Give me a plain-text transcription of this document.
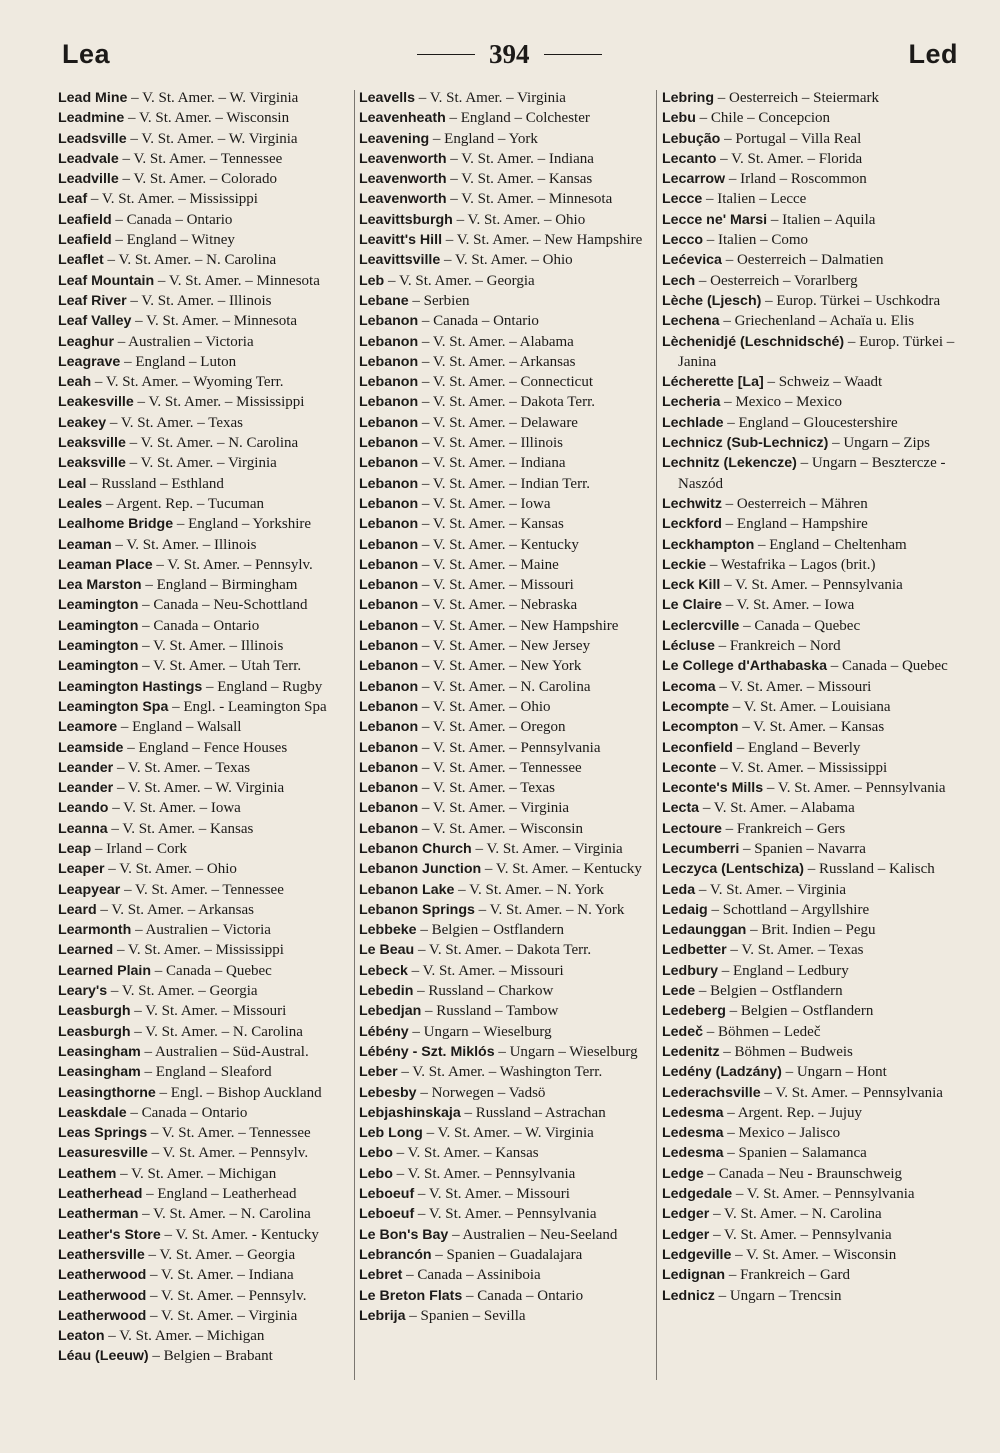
Lea	394	Led
Lead Mine – V. St. Amer. – W. Virginia
Leadmine – V. St. Amer. – Wisconsin
Leadsville – V. St. Amer. – W. Virginia
Leadvale – V. St. Amer. – Tennessee
Leadville – V. St. Amer. – Colorado
Leaf – V. St. Amer. – Mississippi
Leafield – Canada – Ontario
Leafield – England – Witney
Leaflet – V. St. Amer. – N. Carolina
Leaf Mountain – V. St. Amer. – Minnesota
Leaf River – V. St. Amer. – Illinois
Leaf Valley – V. St. Amer. – Minnesota
Leaghur – Australien – Victoria
Leagrave – England – Luton
Leah – V. St. Amer. – Wyoming Terr.
Leakesville – V. St. Amer. – Mississippi
Leakey – V. St. Amer. – Texas
Leaksville – V. St. Amer. – N. Carolina
Leaksville – V. St. Amer. – Virginia
Leal – Russland – Esthland
Leales – Argent. Rep. – Tucuman
Lealhome Bridge – England – Yorkshire
Leaman – V. St. Amer. – Illinois
Leaman Place – V. St. Amer. – Pennsylv.
Lea Marston – England – Birmingham
Leamington – Canada – Neu-Schottland
Leamington – Canada – Ontario
Leamington – V. St. Amer. – Illinois
Leamington – V. St. Amer. – Utah Terr.
Leamington Hastings – England – Rugby
Leamington Spa – Engl. - Leamington Spa
Leamore – England – Walsall
Leamside – England – Fence Houses
Leander – V. St. Amer. – Texas
Leander – V. St. Amer. – W. Virginia
Leando – V. St. Amer. – Iowa
Leanna – V. St. Amer. – Kansas
Leap – Irland – Cork
Leaper – V. St. Amer. – Ohio
Leapyear – V. St. Amer. – Tennessee
Leard – V. St. Amer. – Arkansas
Learmonth – Australien – Victoria
Learned – V. St. Amer. – Mississippi
Learned Plain – Canada – Quebec
Leary's – V. St. Amer. – Georgia
Leasburgh – V. St. Amer. – Missouri
Leasburgh – V. St. Amer. – N. Carolina
Leasingham – Australien – Süd-Austral.
Leasingham – England – Sleaford
Leasingthorne – Engl. – Bishop Auckland
Leaskdale – Canada – Ontario
Leas Springs – V. St. Amer. – Tennessee
Leasuresville – V. St. Amer. – Pennsylv.
Leathem – V. St. Amer. – Michigan
Leatherhead – England – Leatherhead
Leatherman – V. St. Amer. – N. Carolina
Leather's Store – V. St. Amer. - Kentucky
Leathersville – V. St. Amer. – Georgia
Leatherwood – V. St. Amer. – Indiana
Leatherwood – V. St. Amer. – Pennsylv.
Leatherwood – V. St. Amer. – Virginia
Leaton – V. St. Amer. – Michigan
Léau (Leeuw) – Belgien – Brabant
Leavells – V. St. Amer. – Virginia
Leavenheath – England – Colchester
Leavening – England – York
Leavenworth – V. St. Amer. – Indiana
Leavenworth – V. St. Amer. – Kansas
Leavenworth – V. St. Amer. – Minnesota
Leavittsburgh – V. St. Amer. – Ohio
Leavitt's Hill – V. St. Amer. – New Hampshire
Leavittsville – V. St. Amer. – Ohio
Leb – V. St. Amer. – Georgia
Lebane – Serbien
Lebanon – Canada – Ontario
Lebanon – V. St. Amer. – Alabama
Lebanon – V. St. Amer. – Arkansas
Lebanon – V. St. Amer. – Connecticut
Lebanon – V. St. Amer. – Dakota Terr.
Lebanon – V. St. Amer. – Delaware
Lebanon – V. St. Amer. – Illinois
Lebanon – V. St. Amer. – Indiana
Lebanon – V. St. Amer. – Indian Terr.
Lebanon – V. St. Amer. – Iowa
Lebanon – V. St. Amer. – Kansas
Lebanon – V. St. Amer. – Kentucky
Lebanon – V. St. Amer. – Maine
Lebanon – V. St. Amer. – Missouri
Lebanon – V. St. Amer. – Nebraska
Lebanon – V. St. Amer. – New Hampshire
Lebanon – V. St. Amer. – New Jersey
Lebanon – V. St. Amer. – New York
Lebanon – V. St. Amer. – N. Carolina
Lebanon – V. St. Amer. – Ohio
Lebanon – V. St. Amer. – Oregon
Lebanon – V. St. Amer. – Pennsylvania
Lebanon – V. St. Amer. – Tennessee
Lebanon – V. St. Amer. – Texas
Lebanon – V. St. Amer. – Virginia
Lebanon – V. St. Amer. – Wisconsin
Lebanon Church – V. St. Amer. – Virginia
Lebanon Junction – V. St. Amer. – Kentucky
Lebanon Lake – V. St. Amer. – N. York
Lebanon Springs – V. St. Amer. – N. York
Lebbeke – Belgien – Ostflandern
Le Beau – V. St. Amer. – Dakota Terr.
Lebeck – V. St. Amer. – Missouri
Lebedin – Russland – Charkow
Lebedjan – Russland – Tambow
Lébény – Ungarn – Wieselburg
Lébény - Szt. Miklós – Ungarn – Wieselburg
Leber – V. St. Amer. – Washington Terr.
Lebesby – Norwegen – Vadsö
Lebjashinskaja – Russland – Astrachan
Leb Long – V. St. Amer. – W. Virginia
Lebo – V. St. Amer. – Kansas
Lebo – V. St. Amer. – Pennsylvania
Leboeuf – V. St. Amer. – Missouri
Leboeuf – V. St. Amer. – Pennsylvania
Le Bon's Bay – Australien – Neu-Seeland
Lebrancón – Spanien – Guadalajara
Lebret – Canada – Assiniboia
Le Breton Flats – Canada – Ontario
Lebrija – Spanien – Sevilla
Lebring – Oesterreich – Steiermark
Lebu – Chile – Concepcion
Lebução – Portugal – Villa Real
Lecanto – V. St. Amer. – Florida
Lecarrow – Irland – Roscommon
Lecce – Italien – Lecce
Lecce ne' Marsi – Italien – Aquila
Lecco – Italien – Como
Lećevica – Oesterreich – Dalmatien
Lech – Oesterreich – Vorarlberg
Lèche (Ljesch) – Europ. Türkei – Uschkodra
Lechena – Griechenland – Achaïa u. Elis
Lèchenidjé (Leschnidsché) – Europ. Türkei – Janina
Lécherette [La] – Schweiz – Waadt
Lecheria – Mexico – Mexico
Lechlade – England – Gloucestershire
Lechnicz (Sub-Lechnicz) – Ungarn – Zips
Lechnitz (Lekencze) – Ungarn – Besztercze - Naszód
Lechwitz – Oesterreich – Mähren
Leckford – England – Hampshire
Leckhampton – England – Cheltenham
Leckie – Westafrika – Lagos (brit.)
Leck Kill – V. St. Amer. – Pennsylvania
Le Claire – V. St. Amer. – Iowa
Leclercville – Canada – Quebec
Lécluse – Frankreich – Nord
Le College d'Arthabaska – Canada – Quebec
Lecoma – V. St. Amer. – Missouri
Lecompte – V. St. Amer. – Louisiana
Lecompton – V. St. Amer. – Kansas
Leconfield – England – Beverly
Leconte – V. St. Amer. – Mississippi
Leconte's Mills – V. St. Amer. – Pennsylvania
Lecta – V. St. Amer. – Alabama
Lectoure – Frankreich – Gers
Lecumberri – Spanien – Navarra
Leczyca (Lentschiza) – Russland – Kalisch
Leda – V. St. Amer. – Virginia
Ledaig – Schottland – Argyllshire
Ledaunggan – Brit. Indien – Pegu
Ledbetter – V. St. Amer. – Texas
Ledbury – England – Ledbury
Lede – Belgien – Ostflandern
Ledeberg – Belgien – Ostflandern
Ledeč – Böhmen – Ledeč
Ledenitz – Böhmen – Budweis
Ledény (Ladzány) – Ungarn – Hont
Lederachsville – V. St. Amer. – Pennsylvania
Ledesma – Argent. Rep. – Jujuy
Ledesma – Mexico – Jalisco
Ledesma – Spanien – Salamanca
Ledge – Canada – Neu - Braunschweig
Ledgedale – V. St. Amer. – Pennsylvania
Ledger – V. St. Amer. – N. Carolina
Ledger – V. St. Amer. – Pennsylvania
Ledgeville – V. St. Amer. – Wisconsin
Ledignan – Frankreich – Gard
Lednicz – Ungarn – Trencsin
